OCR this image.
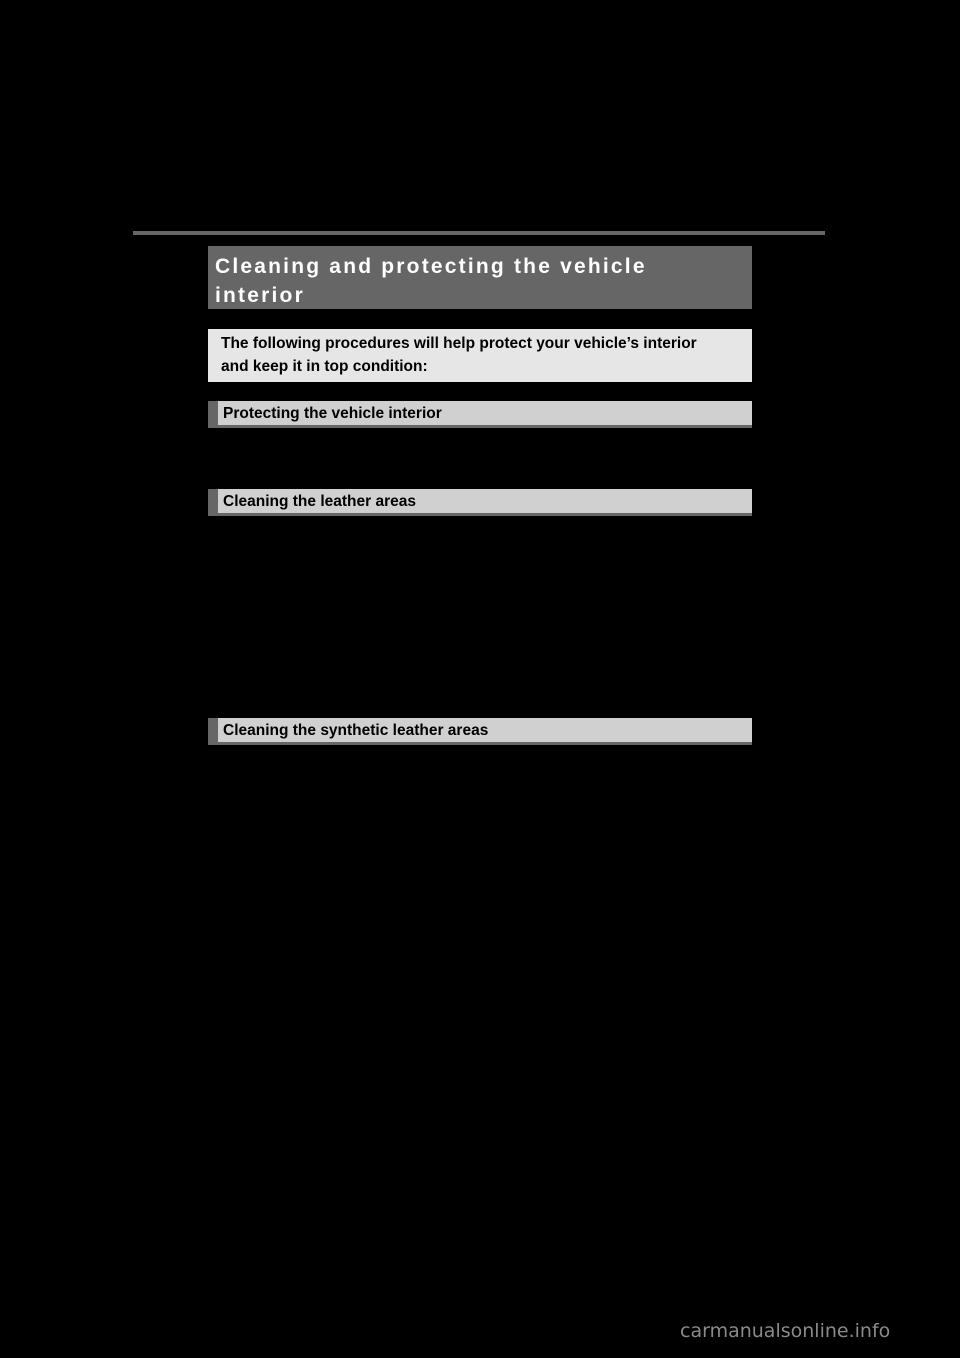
Cleaning and protecting the vehicle
interior
The following procedures will help protect your vehicle’s interior
and keep it in top condition:
Protecting the vehicle interior
Cleaning the leather areas
Cleaning the synthetic leather areas
carmanualsonline.info
